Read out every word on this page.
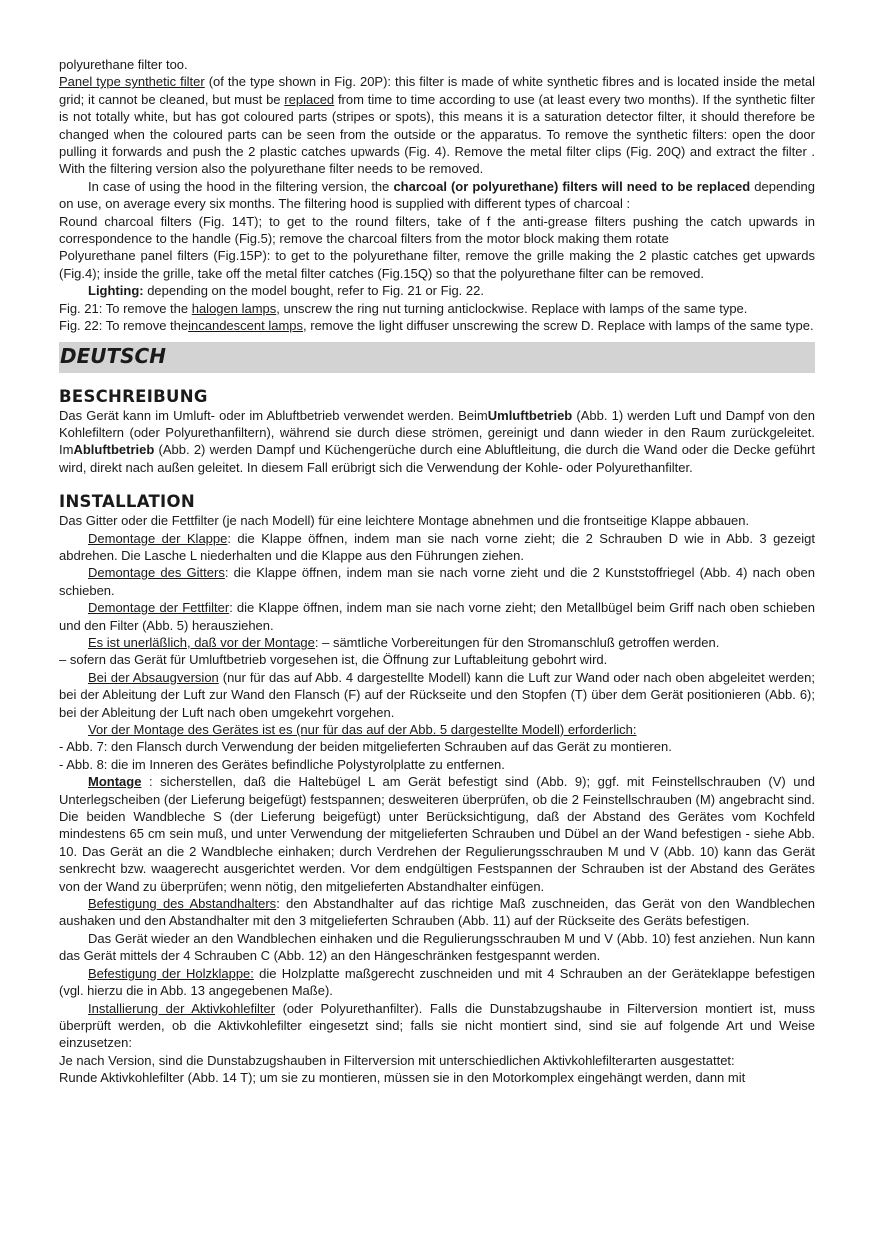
polyurethane filter too.

Panel type synthetic filter (of the type shown in Fig. 20P): this filter is made of white synthetic fibres and is located inside the metal grid; it cannot be cleaned, but must be replaced from time to time according to use (at least every two months). If the synthetic filter is not totally white, but has got coloured parts (stripes or spots), this means it is a saturation detector filter, it should therefore be changed when the coloured parts can be seen from the outside or the apparatus. To remove the synthetic filters: open the door pulling it forwards and push the 2 plastic catches upwards (Fig. 4). Remove the metal filter clips (Fig. 20Q) and extract the filter . With the filtering version also the polyurethane filter needs to be removed.

In case of using the hood in the filtering version, the charcoal (or polyurethane) filters will need to be replaced depending on use, on average every six months. The filtering hood is supplied with different types of charcoal :

Round charcoal filters (Fig. 14T); to get to the round filters, take of f the anti-grease filters pushing the catch upwards in correspondence to the handle (Fig.5); remove the charcoal filters from the motor block making them rotate

Polyurethane panel filters (Fig.15P): to get to the polyurethane filter, remove the grille making the 2 plastic catches get upwards (Fig.4); inside the grille, take off the metal filter catches (Fig.15Q) so that the polyurethane filter can be removed.

Lighting: depending on the model bought, refer to Fig. 21 or Fig. 22.

Fig. 21: To remove the halogen lamps, unscrew the ring nut turning anticlockwise. Replace with lamps of the same type.

Fig. 22: To remove theincandescent lamps, remove the light diffuser unscrewing the screw D. Replace with lamps of the same type.

DEUTSCH
BESCHREIBUNG

Das Gerät kann im Umluft- oder im Abluftbetrieb verwendet werden. BeimUmluftbetrieb (Abb. 1) werden Luft und Dampf von den Kohlefiltern (oder Polyurethanfiltern), während sie durch diese strömen, gereinigt und dann wieder in den Raum zurückgeleitet. ImAbluftbetrieb (Abb. 2) werden Dampf und Küchengerüche durch eine Abluftleitung, die durch die Wand oder die Decke geführt wird, direkt nach außen geleitet. In diesem Fall erübrigt sich die Verwendung der Kohle- oder Polyurethanfilter.

INSTALLATION

Das Gitter oder die Fettfilter (je nach Modell) für eine leichtere Montage abnehmen und die frontseitige Klappe abbauen.

Demontage der Klappe: die Klappe öffnen, indem man sie nach vorne zieht; die 2 Schrauben D wie in Abb. 3 gezeigt abdrehen. Die Lasche L niederhalten und die Klappe aus den Führungen ziehen.

Demontage des Gitters: die Klappe öffnen, indem man sie nach vorne zieht und die 2 Kunststoffriegel (Abb. 4) nach oben schieben.

Demontage der Fettfilter: die Klappe öffnen, indem man sie nach vorne zieht; den Metallbügel beim Griff nach oben schieben und den Filter (Abb. 5) herausziehen.

Es ist unerläßlich, daß vor der Montage: – sämtliche Vorbereitungen für den Stromanschluß getroffen werden.

– sofern das Gerät für Umluftbetrieb vorgesehen ist, die Öffnung zur Luftableitung gebohrt wird.

Bei der Absaugversion (nur für das auf Abb. 4 dargestellte Modell) kann die Luft zur Wand oder nach oben abgeleitet werden; bei der Ableitung der Luft zur Wand den Flansch (F) auf der Rückseite und den Stopfen (T) über dem Gerät positionieren (Abb. 6); bei der Ableitung der Luft nach oben umgekehrt vorgehen.

Vor der Montage des Gerätes ist es (nur für das auf der Abb. 5 dargestellte Modell) erforderlich:

- Abb. 7: den Flansch durch Verwendung der beiden mitgelieferten Schrauben auf das Gerät zu montieren.

- Abb. 8: die im Inneren des Gerätes befindliche Polystyrolplatte zu entfernen.

Montage : sicherstellen, daß die Haltebügel L am Gerät befestigt sind (Abb. 9); ggf. mit Feinstellschrauben (V) und Unterlegscheiben (der Lieferung beigefügt) festspannen; desweiteren überprüfen, ob die 2 Feinstellschrauben (M) angebracht sind. Die beiden Wandbleche S (der Lieferung beigefügt) unter Berücksichtigung, daß der Abstand des Gerätes vom Kochfeld mindestens 65 cm sein muß, und unter Verwendung der mitgelieferten Schrauben und Dübel an der Wand befestigen - siehe Abb. 10. Das Gerät an die 2 Wandbleche einhaken; durch Verdrehen der Regulierungsschrauben M und V (Abb. 10) kann das Gerät senkrecht bzw. waagerecht ausgerichtet werden. Vor dem endgültigen Festspannen der Schrauben ist der Abstand des Gerätes von der Wand zu überprüfen; wenn nötig, den mitgelieferten Abstandhalter einfügen.

Befestigung des Abstandhalters: den Abstandhalter auf das richtige Maß zuschneiden, das Gerät von den Wandblechen aushaken und den Abstandhalter mit den 3 mitgelieferten Schrauben (Abb. 11) auf der Rückseite des Geräts befestigen.

Das Gerät wieder an den Wandblechen einhaken und die Regulierungsschrauben M und V (Abb. 10) fest anziehen. Nun kann das Gerät mittels der 4 Schrauben C (Abb. 12) an den Hängeschränken festgespannt werden.

Befestigung der Holzklappe: die Holzplatte maßgerecht zuschneiden und mit 4 Schrauben an der Geräteklappe befestigen (vgl. hierzu die in Abb. 13 angegebenen Maße).

Installierung der Aktivkohlefilter (oder Polyurethanfilter). Falls die Dunstabzugshaube in Filterversion montiert ist, muss überprüft werden, ob die Aktivkohlefilter eingesetzt sind; falls sie nicht montiert sind, sind sie auf folgende Art und Weise einzusetzen:

Je nach Version, sind die Dunstabzugshauben in Filterversion mit unterschiedlichen Aktivkohlefilterarten ausgestattet:

Runde Aktivkohlefilter (Abb. 14 T); um sie zu montieren, müssen sie in den Motorkomplex eingehängt werden, dann mit
